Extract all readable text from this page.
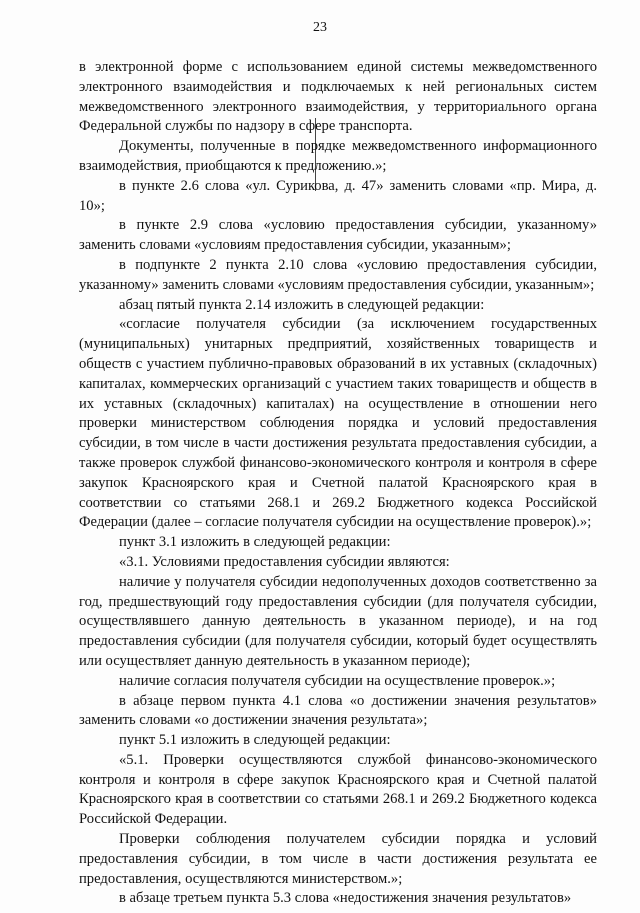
23

в электронной форме с использованием единой системы межведомственного электронного взаимодействия и подключаемых к ней региональных систем межведомственного электронного взаимодействия, у территориального органа Федеральной службы по надзору в сфере транспорта.

Документы, полученные в порядке межведомственного информационного взаимодействия, приобщаются к предложению.»;

в пункте 2.6 слова «ул. Сурикова, д. 47» заменить словами «пр. Мира, д. 10»;

в пункте 2.9 слова «условию предоставления субсидии, указанному» заменить словами «условиям предоставления субсидии, указанным»;

в подпункте 2 пункта 2.10 слова «условию предоставления субсидии, указанному» заменить словами «условиям предоставления субсидии, указанным»;

абзац пятый пункта 2.14 изложить в следующей редакции:

«согласие получателя субсидии (за исключением государственных (муниципальных) унитарных предприятий, хозяйственных товариществ и обществ с участием публично-правовых образований в их уставных (складочных) капиталах, коммерческих организаций с участием таких товариществ и обществ в их уставных (складочных) капиталах) на осуществление в отношении него проверки министерством соблюдения порядка и условий предоставления субсидии, в том числе в части достижения результата предоставления субсидии, а также проверок службой финансово-экономического контроля и контроля в сфере закупок Красноярского края и Счетной палатой Красноярского края в соответствии со статьями 268.1 и 269.2 Бюджетного кодекса Российской Федерации (далее – согласие получателя субсидии на осуществление проверок).»;

пункт 3.1 изложить в следующей редакции:

«3.1. Условиями предоставления субсидии являются:

наличие у получателя субсидии недополученных доходов соответственно за год, предшествующий году предоставления субсидии (для получателя субсидии, осуществлявшего данную деятельность в указанном периоде), и на год предоставления субсидии (для получателя субсидии, который будет осуществлять или осуществляет данную деятельность в указанном периоде);

наличие согласия получателя субсидии на осуществление проверок.»;

в абзаце первом пункта 4.1 слова «о достижении значения результатов» заменить словами «о достижении значения результата»;

пункт 5.1 изложить в следующей редакции:

«5.1. Проверки осуществляются службой финансово-экономического контроля и контроля в сфере закупок Красноярского края и Счетной палатой Красноярского края в соответствии со статьями 268.1 и 269.2 Бюджетного кодекса Российской Федерации.

Проверки соблюдения получателем субсидии порядка и условий предоставления субсидии, в том числе в части достижения результата ее предоставления, осуществляются министерством.»;

в абзаце третьем пункта 5.3 слова «недостижения значения результатов»
